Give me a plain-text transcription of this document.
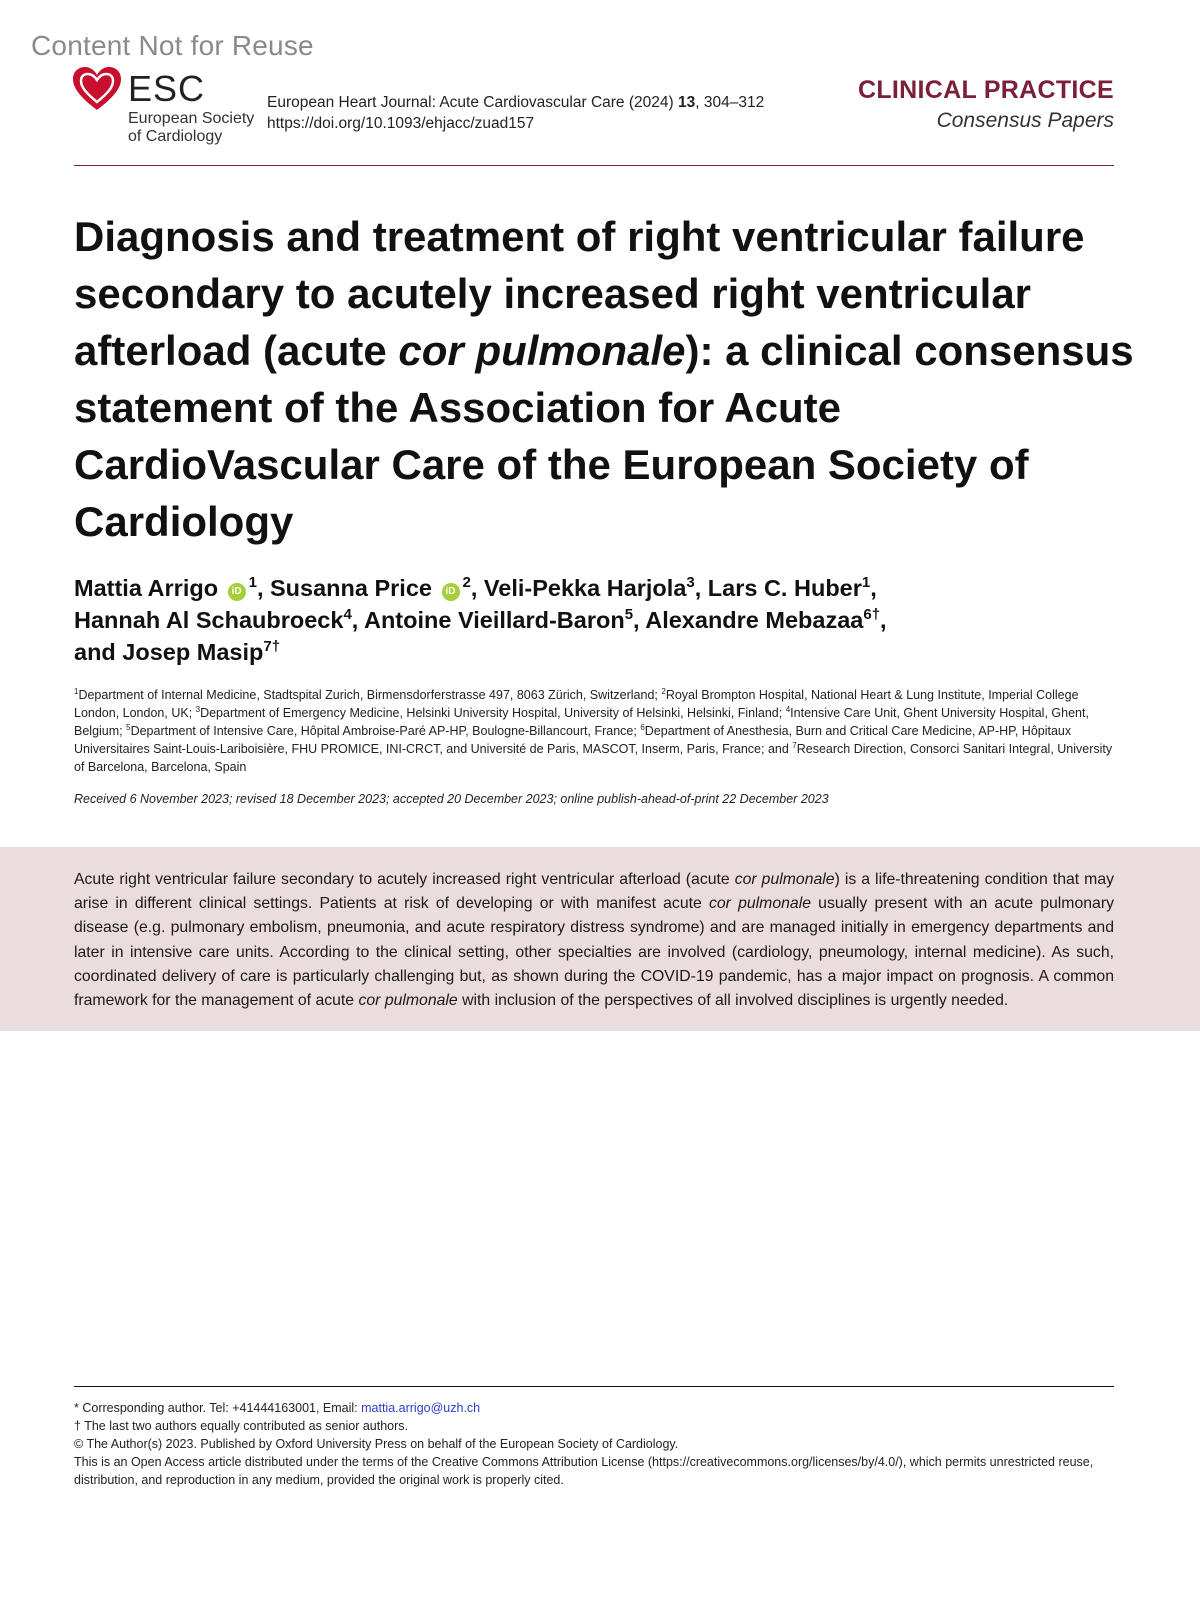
Content Not for Reuse
ESC
European Society
of Cardiology
European Heart Journal: Acute Cardiovascular Care (2024) 13, 304–312
https://doi.org/10.1093/ehjacc/zuad157
CLINICAL PRACTICE
Consensus Papers
Diagnosis and treatment of right ventricular failure secondary to acutely increased right ventricular afterload (acute cor pulmonale): a clinical consensus statement of the Association for Acute CardioVascular Care of the European Society of Cardiology
Mattia Arrigo $iD^1$, Susanna Price $iD^2$, Veli-Pekka Harjola$^3$, Lars C. Huber$^1$,
Hannah Al Schaubroeck$^4$, Antoine Vieillard-Baron$^5$, Alexandre Mebazaa$^{6\dagger}$,
and Josep Masip$^{7\dagger}$
$^1$Department of Internal Medicine, Stadtspital Zurich, Birmensdorferstrasse 497, 8063 Zürich, Switzerland; $^2$Royal Brompton Hospital, National Heart & Lung Institute, Imperial College London, London, UK; $^3$Department of Emergency Medicine, Helsinki University Hospital, University of Helsinki, Helsinki, Finland; $^4$Intensive Care Unit, Ghent University Hospital, Ghent, Belgium; $^5$Department of Intensive Care, Hôpital Ambroise-Paré AP-HP, Boulogne-Billancourt, France; $^6$Department of Anesthesia, Burn and Critical Care Medicine, AP-HP, Hôpitaux Universitaires Saint-Louis-Lariboisière, FHU PROMICE, INI-CRCT, and Université de Paris, MASCOT, Inserm, Paris, France; and $^7$Research Direction, Consorci Sanitari Integral, University of Barcelona, Barcelona, Spain
Received 6 November 2023; revised 18 December 2023; accepted 20 December 2023; online publish-ahead-of-print 22 December 2023
Acute right ventricular failure secondary to acutely increased right ventricular afterload (acute cor pulmonale) is a life-threatening condition that may arise in different clinical settings. Patients at risk of developing or with manifest acute cor pulmonale usually present with an acute pulmonary disease (e.g. pulmonary embolism, pneumonia, and acute respiratory distress syndrome) and are managed initially in emergency departments and later in intensive care units. According to the clinical setting, other specialties are involved (cardiology, pneumology, internal medicine). As such, coordinated delivery of care is particularly challenging but, as shown during the COVID-19 pandemic, has a major impact on prognosis. A common framework for the management of acute cor pulmonale with inclusion of the perspectives of all involved disciplines is urgently needed.
* Corresponding author. Tel: +41444163001, Email: mattia.arrigo@uzh.ch
† The last two authors equally contributed as senior authors.
© The Author(s) 2023. Published by Oxford University Press on behalf of the European Society of Cardiology.
This is an Open Access article distributed under the terms of the Creative Commons Attribution License (https://creativecommons.org/licenses/by/4.0/), which permits unrestricted reuse, distribution, and reproduction in any medium, provided the original work is properly cited.
